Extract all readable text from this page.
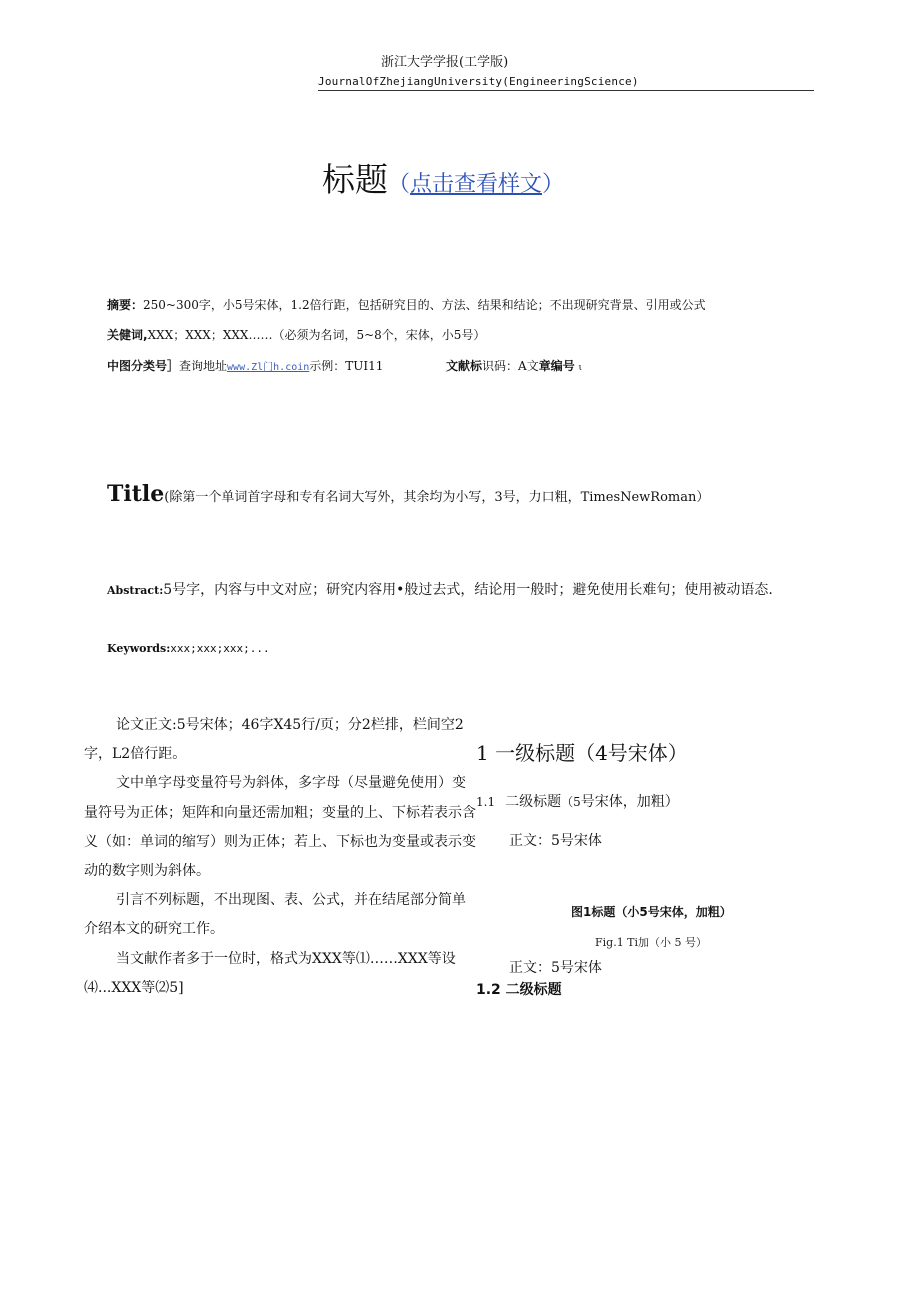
浙江大学学报(工学版)
JournalOfZhejiangUniversity(EngineeringScience)
标题（点击查看样文）
摘要：250~300字，小5号宋体，1.2倍行距，包括研究目的、方法、结果和结论；不出现研究背景、引用或公式
关健词,XXX；XXX；XXX……（必须为名词，5~8个，宋体，小5号）
中图分类号］查询地址www.Zl门h.coin示例：TUI11	文献标识码：A文章编号 ι
Title(除第一个单词首字母和专有名词大写外，其余均为小写，3号，力口粗，TimesNewRoman）
Abstract:5号字，内容与中文对应；研究内容用•般过去式，结论用一般时；避免使用长难句；使用被动语态.
Keywords:xxx;xxx;xxx;...

论文正文:5号宋体；46字X45行/页；分2栏排，栏间空2字，L2倍行距。

文中单字母变量符号为斜体，多字母（尽量避免使用）变量符号为正体；矩阵和向量还需加粗；变量的上、下标若表示含义（如：单词的缩写）则为正体；若上、下标也为变量或表示变动的数字则为斜体。

引言不列标题，不出现图、表、公式，并在结尾部分简单介绍本文的研究工作。

当文献作者多于一位时，格式为XXX等⑴……XXX等设⑷...XXX等⑵5]

1 一级标题（4号宋体）
1.1 二级标题（5号宋体，加粗）
正文：5号宋体
图1标题（小5号宋体，加粗）
Fig.1 Ti加（小 5 号）
正文：5号宋体
1.2 二级标题
